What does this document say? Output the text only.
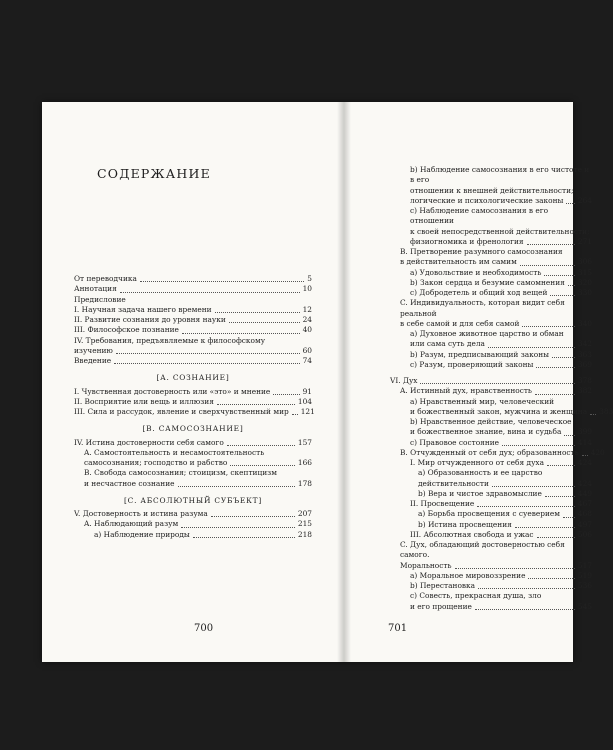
СОДЕРЖАНИЕ
От переводчика	5
Аннотация	10
Предисловие
I. Научная задача нашего времени	12
II. Развитие сознания до уровня науки	24
III. Философское познание	40
IV. Требования, предъявляемые к философскому
изучению	60
Введение	74
[А. СОЗНАНИЕ]
I. Чувственная достоверность или «это» и мнение	91
II. Восприятие или вещь и иллюзия	104
III. Сила и рассудок, явление и сверхчувственный мир 121
[В. САМОСОЗНАНИЕ]
IV. Истина достоверности себя самого	157
A. Самостоятельность и несамостоятельность
самосознания; господство и рабство	166
B. Свобода самосознания; стоицизм, скептицизм
и несчастное сознание	178
[С. АБСОЛЮТНЫЙ СУБЪЕКТ]
V. Достоверность и истина разума	207
A. Наблюдающий разум	215
a) Наблюдение природы	218
700
b) Наблюдение самосознания в его чистоте и в его
отношении к внешней действительности;
логические и психологические законы 264
c) Наблюдение самосознания в его отношении
к своей непосредственной действительности;
физиогномика и френология	271
B. Претворение разумного самосознания
в действительность им самим	306
a) Удовольствие и необходимость	315
b) Закон сердца и безумие самомнения 320
c) Добродетель и общий ход вещей	330
C. Индивидуальность, которая видит себя реальной
в себе самой и для себя самой	340
a) Духовное животное царство и обман
или сама суть дела	342
b) Разум, предписывающий законы	363
c) Разум, проверяющий законы	369
VI. Дух	378
A. Истинный дух, нравственность	382
a) Нравственный мир, человеческий
и божественный закон, мужчина и женщина 383
b) Нравственное действие, человеческое
и божественное знание, вина и судьба 399
c) Правовое состояние	414
B. Отчужденный от себя дух; образованность 420
I. Мир отчужденного от себя духа	424
a) Образованность и ее царство
действительности	424
b) Вера и чистое здравомыслие	449
II. Просвещение	467
a) Борьба просвещения с суеверием 468
b) Истина просвещения	497
III. Абсолютная свобода и ужас	506
C. Дух, обладающий достоверностью себя самого.
Моральность	517
a) Моральное мировоззрение	519
b) Перестановка	536
c) Совесть, прекрасная душа, зло
и его прощение	545
701
